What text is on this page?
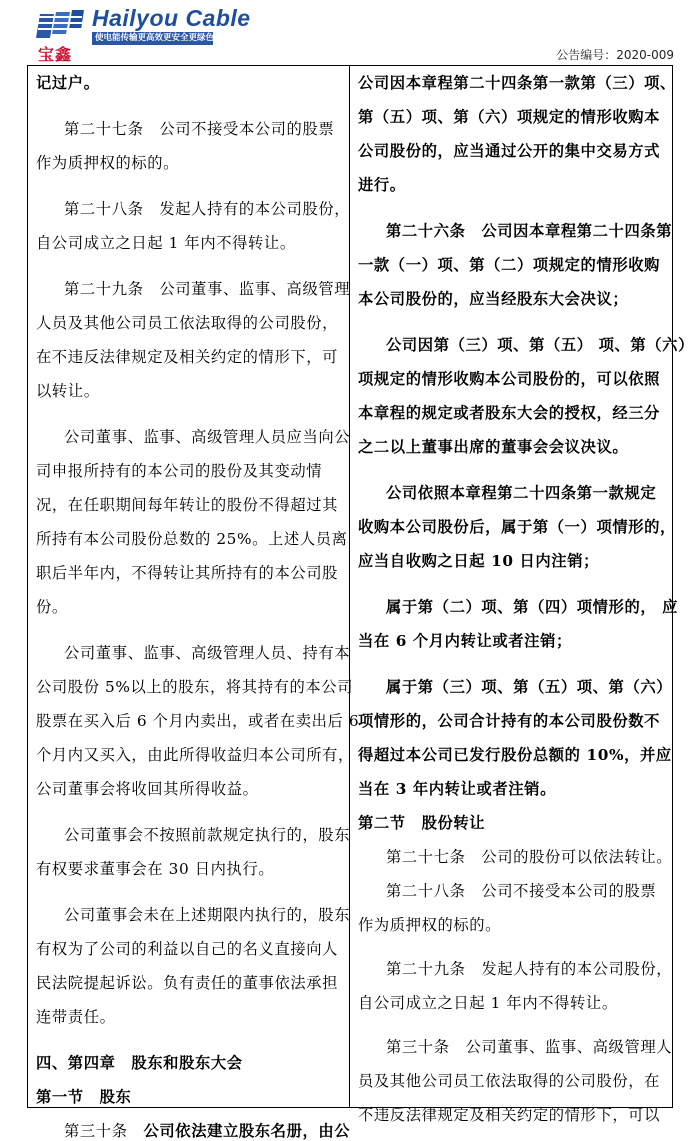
Hailyou Cable
使电能传输更高效更安全更绿色
宝鑫	公告编号：2020-009
记过户。
第二十七条　公司不接受本公司的股票
作为质押权的标的。
第二十八条　发起人持有的本公司股份，
自公司成立之日起 1 年内不得转让。
第二十九条　公司董事、监事、高级管理
人员及其他公司员工依法取得的公司股份，
在不违反法律规定及相关约定的情形下，可
以转让。
公司董事、监事、高级管理人员应当向公
司申报所持有的本公司的股份及其变动情
况，在任职期间每年转让的股份不得超过其
所持有本公司股份总数的 25%。上述人员离
职后半年内，不得转让其所持有的本公司股
份。
公司董事、监事、高级管理人员、持有本
公司股份 5%以上的股东，将其持有的本公司
股票在买入后 6 个月内卖出，或者在卖出后 6
个月内又买入，由此所得收益归本公司所有，
公司董事会将收回其所得收益。
公司董事会不按照前款规定执行的，股东
有权要求董事会在 30 日内执行。
公司董事会未在上述期限内执行的，股东
有权为了公司的利益以自己的名义直接向人
民法院提起诉讼。负有责任的董事依法承担
连带责任。
四、第四章　股东和股东大会
第一节　股东
第三十条　公司依法建立股东名册，由公
公司因本章程第二十四条第一款第（三）项、
第（五）项、第（六）项规定的情形收购本
公司股份的，应当通过公开的集中交易方式
进行。
第二十六条　公司因本章程第二十四条第
一款（一）项、第（二）项规定的情形收购
本公司股份的，应当经股东大会决议；
公司因第（三）项、第（五） 项、第（六）
项规定的情形收购本公司股份的，可以依照
本章程的规定或者股东大会的授权，经三分
之二以上董事出席的董事会会议决议。
公司依照本章程第二十四条第一款规定
收购本公司股份后，属于第（一）项情形的，
应当自收购之日起 10 日内注销；
属于第（二）项、第（四）项情形的， 应
当在 6 个月内转让或者注销；
属于第（三）项、第（五）项、第（六）
项情形的，公司合计持有的本公司股份数不
得超过本公司已发行股份总额的 10%，并应
当在 3 年内转让或者注销。
第二节　股份转让
第二十七条　公司的股份可以依法转让。
第二十八条　公司不接受本公司的股票
作为质押权的标的。
第二十九条　发起人持有的本公司股份，
自公司成立之日起 1 年内不得转让。
第三十条　公司董事、监事、高级管理人
员及其他公司员工依法取得的公司股份，在
不违反法律规定及相关约定的情形下，可以
